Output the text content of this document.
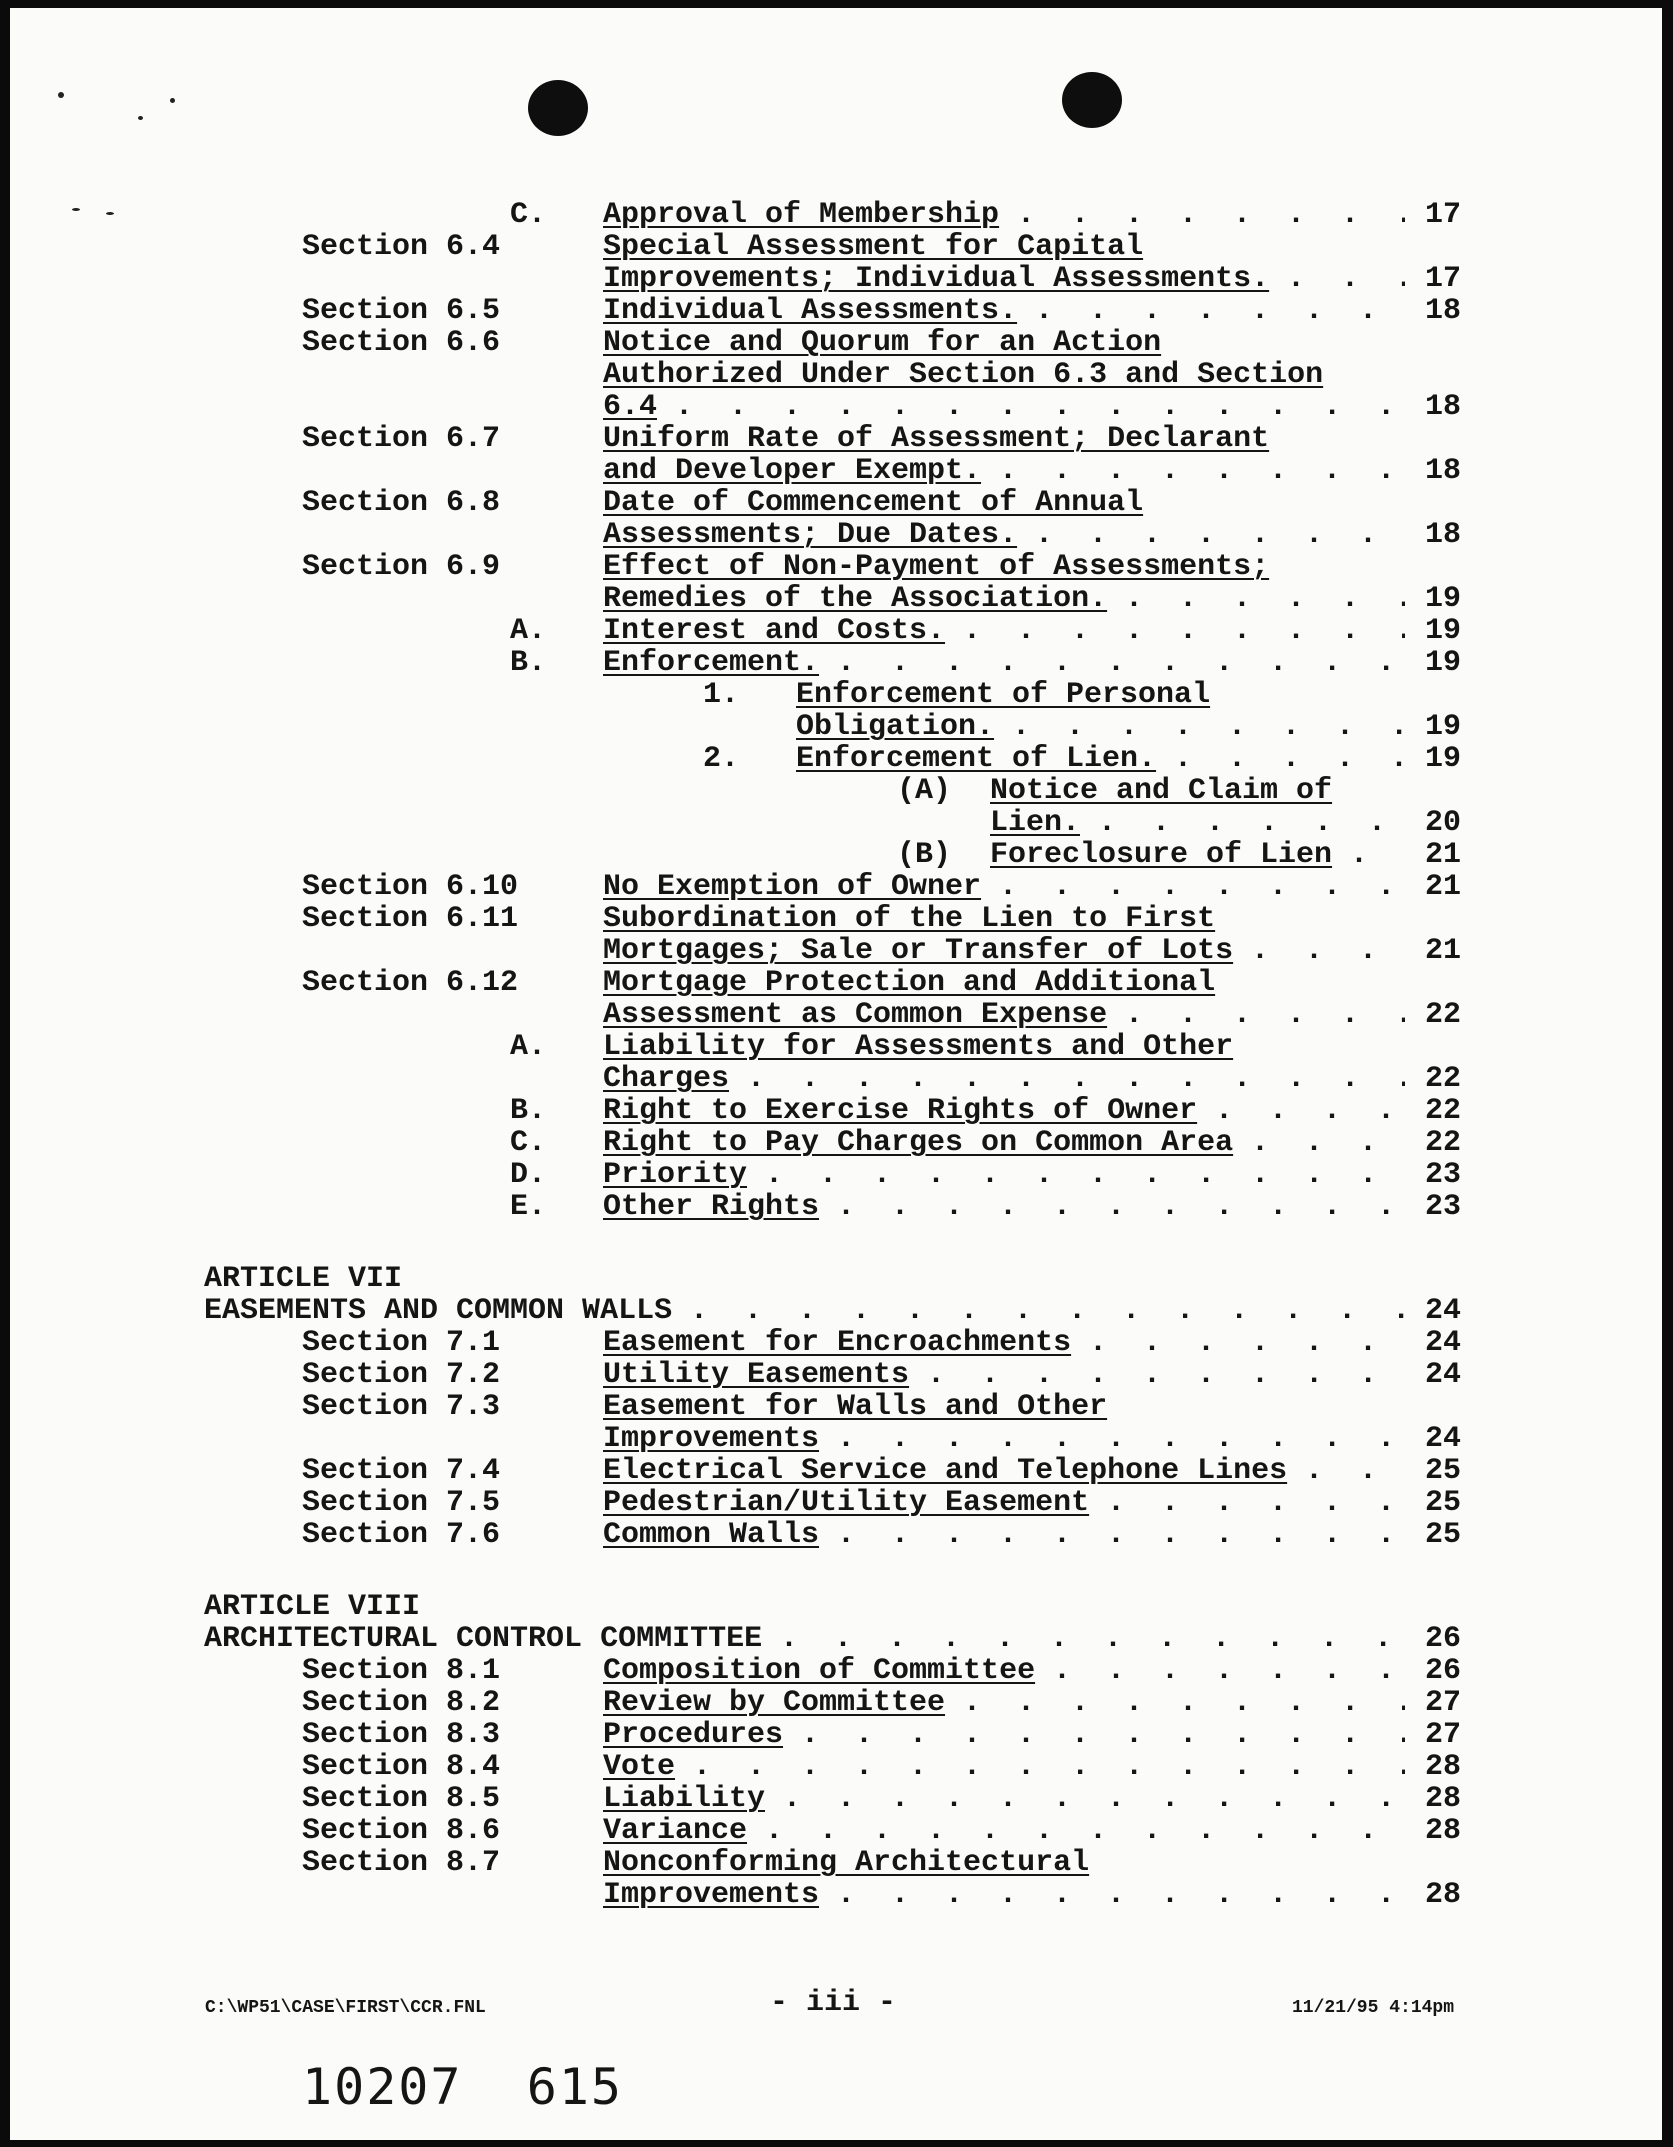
C. Approval of Membership . .	17
Section 6.4	Special Assessment for Capital
Improvements; Individual Assessments. . .	17
Section 6.5	Individual Assessments. . .	18
Section 6.6	Notice and Quorum for an Action
Authorized Under Section 6.3 and Section
6.4 . .	18
Section 6.7	Uniform Rate of Assessment; Declarant
and Developer Exempt. . .	18
Section 6.8	Date of Commencement of Annual
Assessments; Due Dates. . .	18
Section 6.9	Effect of Non-Payment of Assessments;
Remedies of the Association. . .	19
A. Interest and Costs. . .	19
B. Enforcement. . .	19
1. Enforcement of Personal
Obligation. . .	19
2. Enforcement of Lien. . .	19
(A) Notice and Claim of
Lien. . .	20
(B) Foreclosure of Lien . .	21
Section 6.10	No Exemption of Owner . .	21
Section 6.11	Subordination of the Lien to First
Mortgages; Sale or Transfer of Lots . .	21
Section 6.12	Mortgage Protection and Additional
Assessment as Common Expense . .	22
A. Liability for Assessments and Other
Charges . .	22
B. Right to Exercise Rights of Owner . .	22
C. Right to Pay Charges on Common Area . .	22
D. Priority . .	23
E. Other Rights . .	23
ARTICLE VII
EASEMENTS AND COMMON WALLS . .	24
Section 7.1	Easement for Encroachments . .	24
Section 7.2	Utility Easements . .	24
Section 7.3	Easement for Walls and Other
Improvements . .	24
Section 7.4	Electrical Service and Telephone Lines . .	25
Section 7.5	Pedestrian/Utility Easement . .	25
Section 7.6	Common Walls . .	25
ARTICLE VIII
ARCHITECTURAL CONTROL COMMITTEE . .	26
Section 8.1	Composition of Committee . .	26
Section 8.2	Review by Committee . .	27
Section 8.3	Procedures . .	27
Section 8.4	Vote . .	28
Section 8.5	Liability . .	28
Section 8.6	Variance . .	28
Section 8.7	Nonconforming Architectural
Improvements . .	28
C:\WP51\CASE\FIRST\CCR.FNL	- iii -	11/21/95 4:14pm
10207  615
